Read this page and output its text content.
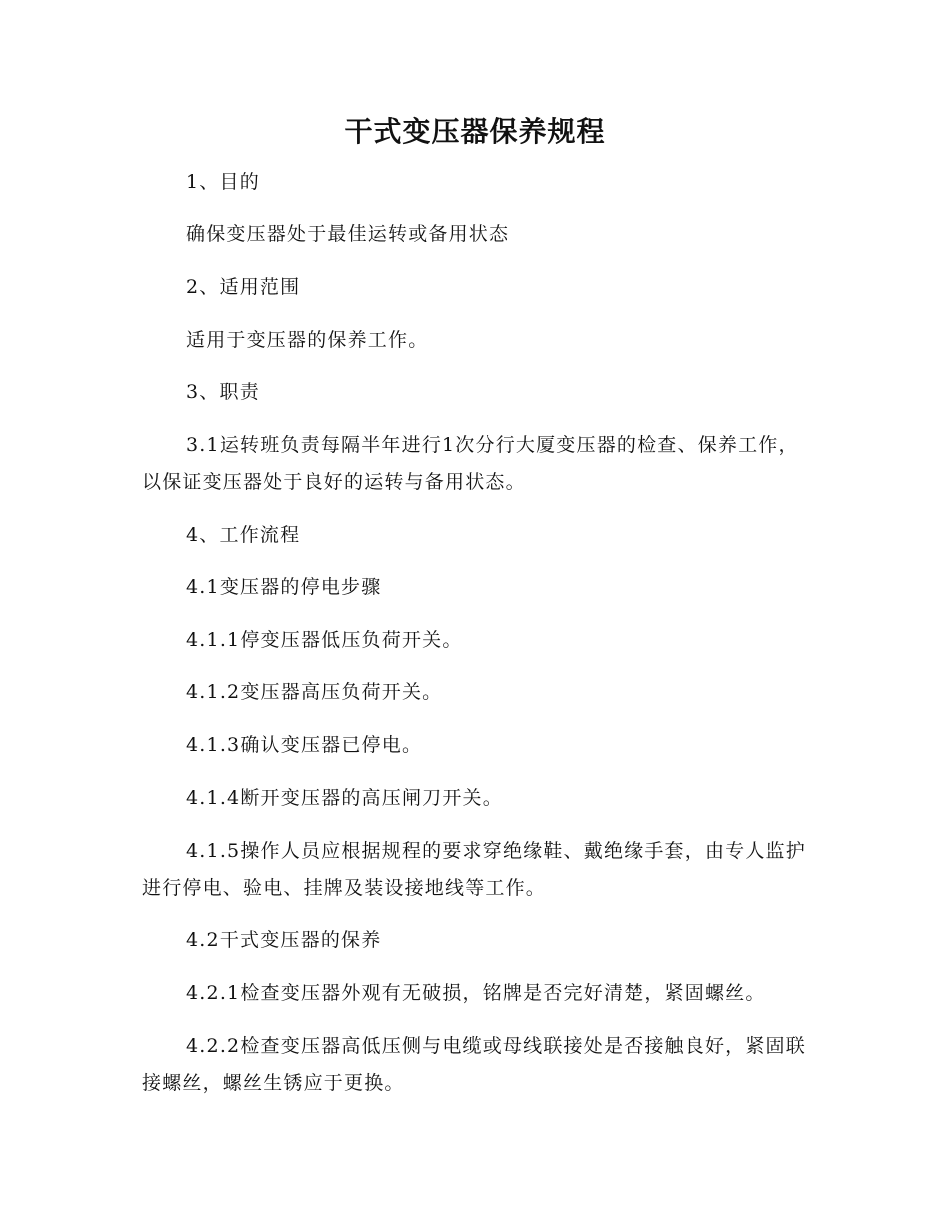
干式变压器保养规程

1、目的

确保变压器处于最佳运转或备用状态

2、适用范围

适用于变压器的保养工作。

3、职责

3.1运转班负责每隔半年进行1次分行大厦变压器的检查、保养工作，以保证变压器处于良好的运转与备用状态。

4、工作流程

4.1变压器的停电步骤

4.1.1停变压器低压负荷开关。

4.1.2变压器高压负荷开关。

4.1.3确认变压器已停电。

4.1.4断开变压器的高压闸刀开关。

4.1.5操作人员应根据规程的要求穿绝缘鞋、戴绝缘手套，由专人监护进行停电、验电、挂牌及装设接地线等工作。

4.2干式变压器的保养

4.2.1检查变压器外观有无破损，铭牌是否完好清楚，紧固螺丝。

4.2.2检查变压器高低压侧与电缆或母线联接处是否接触良好，紧固联接螺丝，螺丝生锈应于更换。
